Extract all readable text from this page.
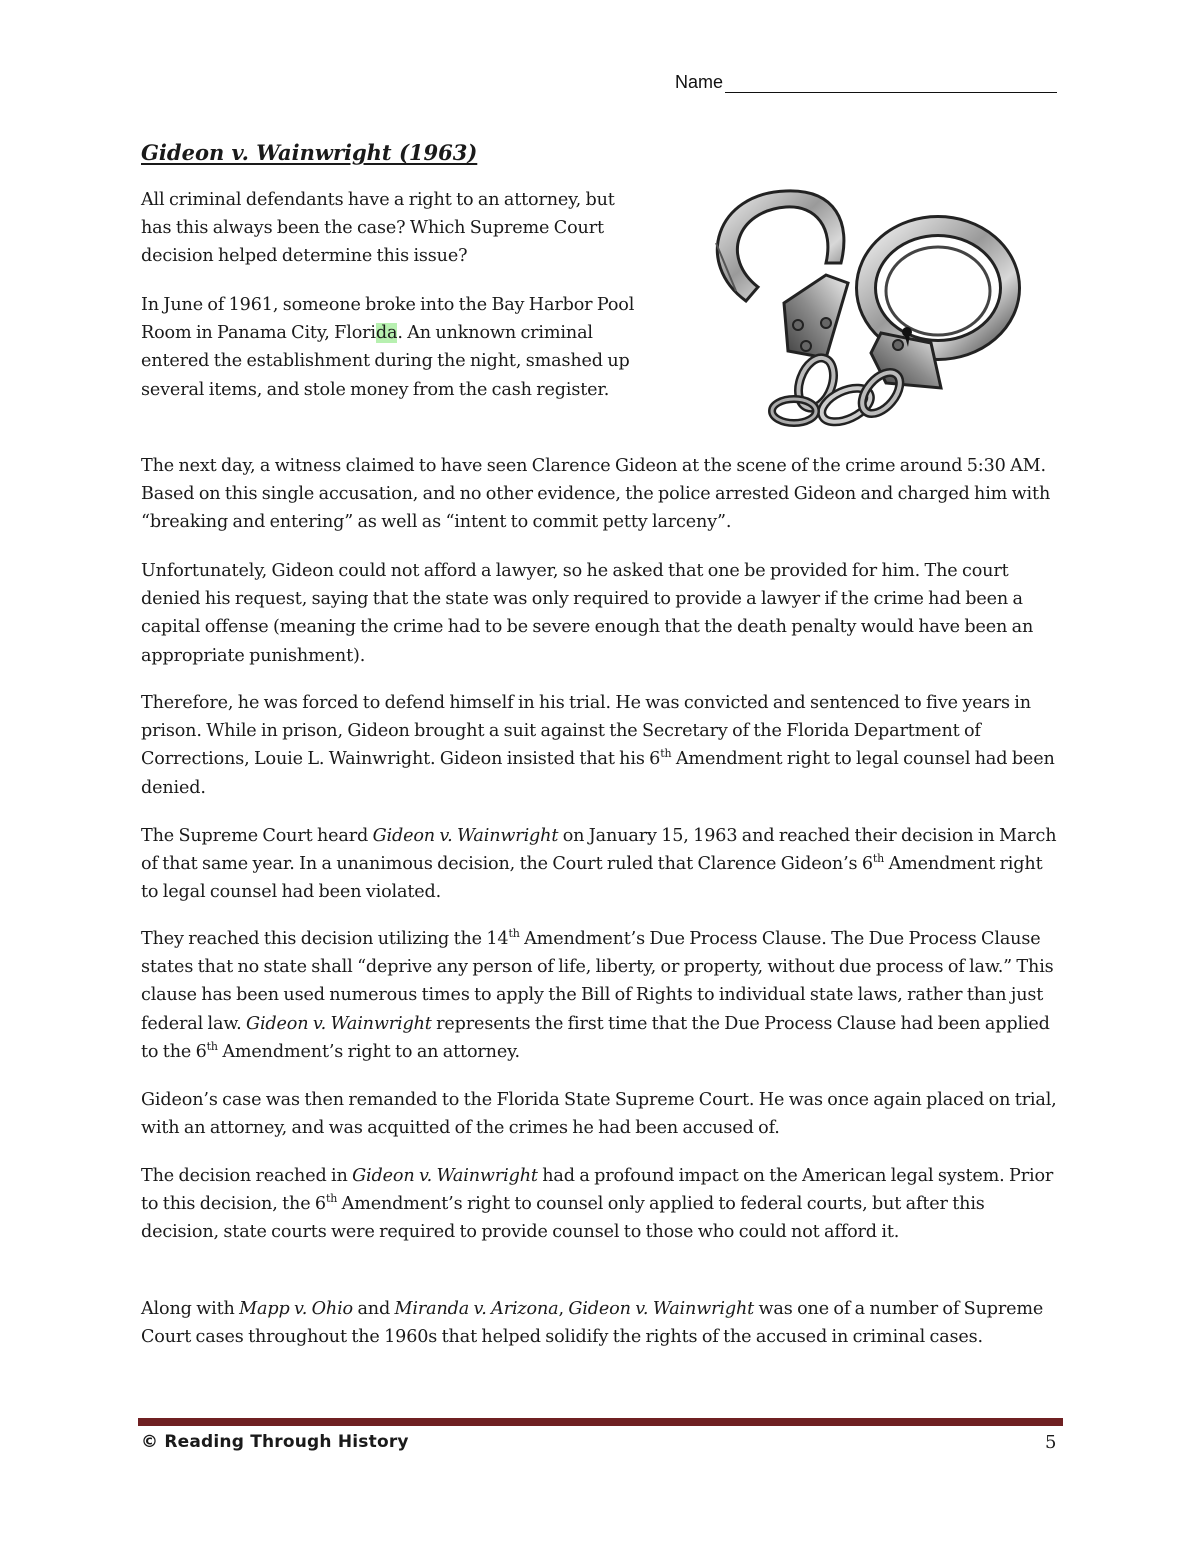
Name
Gideon v. Wainwright (1963)
All criminal defendants have a right to an attorney, but has this always been the case? Which Supreme Court decision helped determine this issue?
In June of 1961, someone broke into the Bay Harbor Pool Room in Panama City, Florida. An unknown criminal entered the establishment during the night, smashed up several items, and stole money from the cash register.
The next day, a witness claimed to have seen Clarence Gideon at the scene of the crime around 5:30 AM. Based on this single accusation, and no other evidence, the police arrested Gideon and charged him with “breaking and entering” as well as “intent to commit petty larceny”.
Unfortunately, Gideon could not afford a lawyer, so he asked that one be provided for him. The court denied his request, saying that the state was only required to provide a lawyer if the crime had been a capital offense (meaning the crime had to be severe enough that the death penalty would have been an appropriate punishment).
Therefore, he was forced to defend himself in his trial. He was convicted and sentenced to five years in prison. While in prison, Gideon brought a suit against the Secretary of the Florida Department of Corrections, Louie L. Wainwright. Gideon insisted that his 6th Amendment right to legal counsel had been denied.
The Supreme Court heard Gideon v. Wainwright on January 15, 1963 and reached their decision in March of that same year. In a unanimous decision, the Court ruled that Clarence Gideon’s 6th Amendment right to legal counsel had been violated.
They reached this decision utilizing the 14th Amendment’s Due Process Clause. The Due Process Clause states that no state shall “deprive any person of life, liberty, or property, without due process of law.” This clause has been used numerous times to apply the Bill of Rights to individual state laws, rather than just federal law. Gideon v. Wainwright represents the first time that the Due Process Clause had been applied to the 6th Amendment’s right to an attorney.
Gideon’s case was then remanded to the Florida State Supreme Court. He was once again placed on trial, with an attorney, and was acquitted of the crimes he had been accused of.
The decision reached in Gideon v. Wainwright had a profound impact on the American legal system. Prior to this decision, the 6th Amendment’s right to counsel only applied to federal courts, but after this decision, state courts were required to provide counsel to those who could not afford it.
Along with Mapp v. Ohio and Miranda v. Arizona, Gideon v. Wainwright was one of a number of Supreme Court cases throughout the 1960s that helped solidify the rights of the accused in criminal cases.
© Reading Through History	5
